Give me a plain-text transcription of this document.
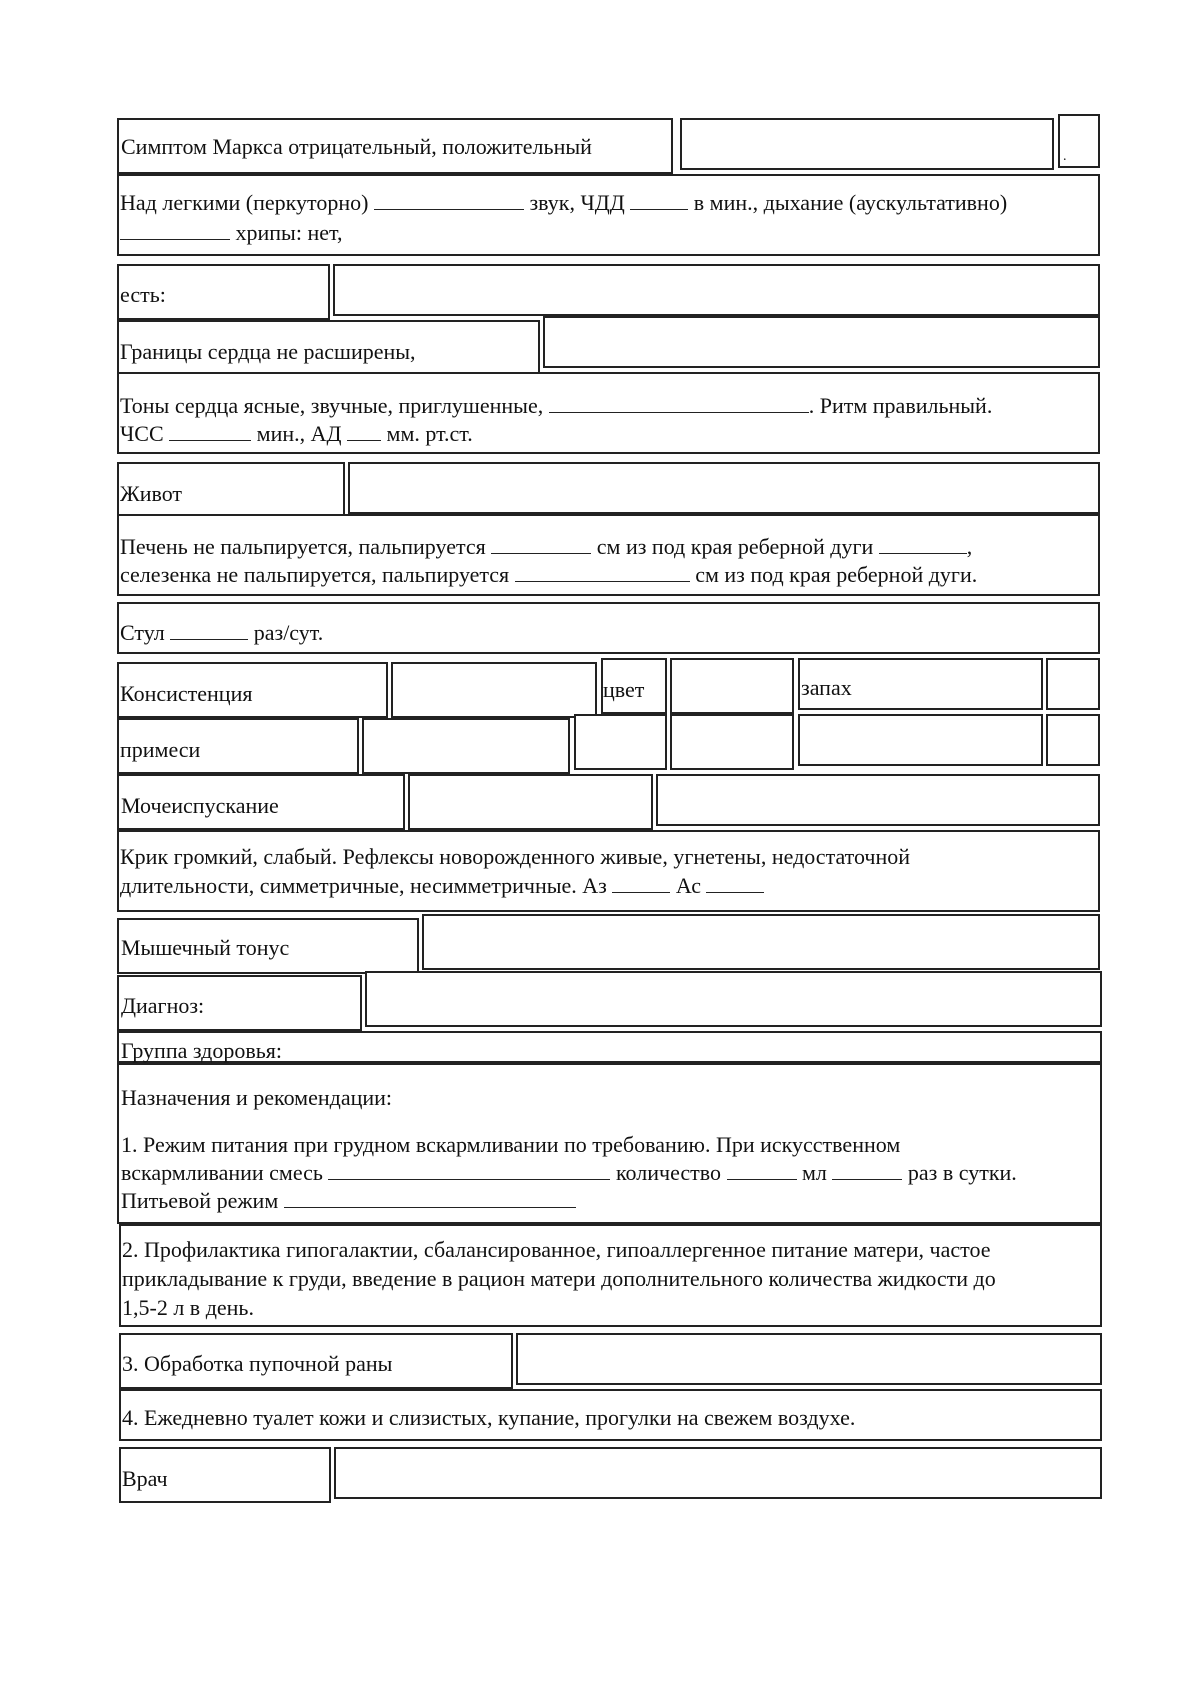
.
Симптом Маркса отрицательный, положительный
Над легкими (перкуторно)	звук, ЧДД	в мин., дыхание (аускультативно)
хрипы: нет,
есть:
Границы сердца не расширены,
Тоны сердца ясные, звучные, приглушенные,	. Ритм правильный.
ЧСС	мин., АД мм. рт.ст.
Живот
Печень не пальпируется, пальпируется	см из под края реберной дуги	,
селезенка не пальпируется, пальпируется	см из под края реберной дуги.
Стул	раз/сут.
Консистенция	цвет	запах
примеси
Мочеиспускание
Крик громкий, слабый. Рефлексы новорожденного живые, угнетены, недостаточной
длительности, симметричные, несимметричные. Аз	Ас
Мышечный тонус
Диагноз:
Группа здоровья:
Назначения и рекомендации:
1. Режим питания при грудном вскармливании по требованию. При искусственном
вскармливании смесь	количество	мл	раз в сутки.
Питьевой режим
2. Профилактика гипогалактии, сбалансированное, гипоаллергенное питание матери, частое
прикладывание к груди, введение в рацион матери дополнительного количества жидкости до
1,5-2 л в день.
3. Обработка пупочной раны
4. Ежедневно туалет кожи и слизистых, купание, прогулки на свежем воздухе.
Врач
